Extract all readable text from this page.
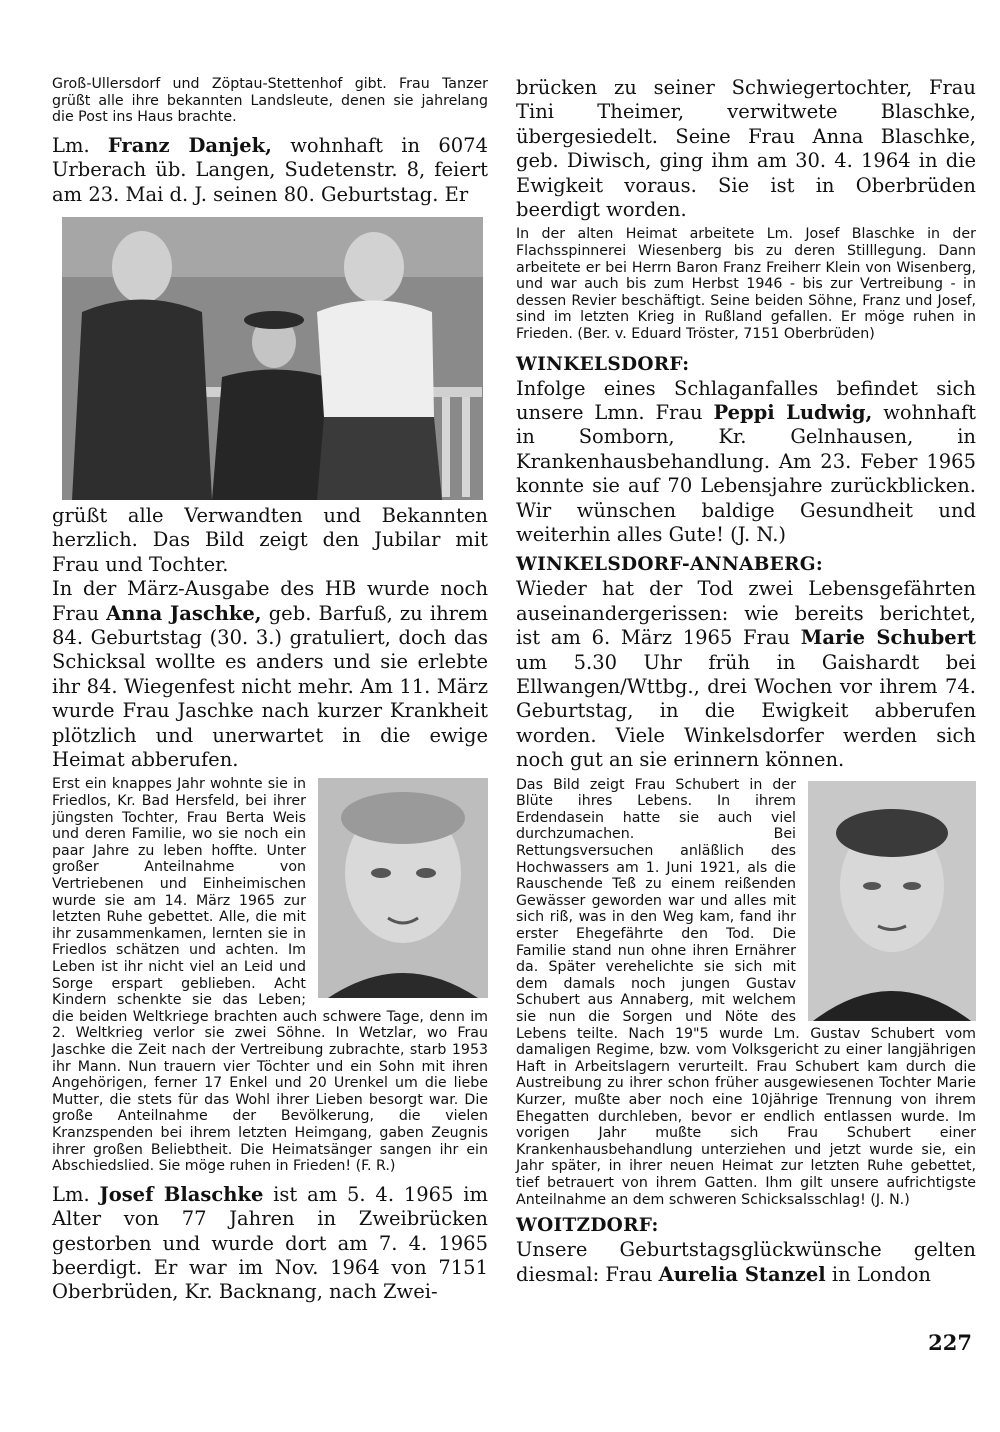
Groß-Ullersdorf und Zöptau-Stettenhof gibt. Frau Tanzer grüßt alle ihre bekannten Landsleute, denen sie jahrelang die Post ins Haus brachte.

Lm. Franz Danjek, wohnhaft in 6074 Urberach üb. Langen, Sudetenstr. 8, feiert am 23. Mai d. J. seinen 80. Geburtstag. Er

grüßt alle Verwandten und Bekannten herzlich. Das Bild zeigt den Jubilar mit Frau und Tochter.

In der März-Ausgabe des HB wurde noch Frau Anna Jaschke, geb. Barfuß, zu ihrem 84. Geburtstag (30. 3.) gratuliert, doch das Schicksal wollte es anders und sie erlebte ihr 84. Wiegenfest nicht mehr. Am 11. März wurde Frau Jaschke nach kurzer Krankheit plötzlich und unerwartet in die ewige Heimat abberufen.

Erst ein knappes Jahr wohnte sie in Friedlos, Kr. Bad Hersfeld, bei ihrer jüngsten Tochter, Frau Berta Weis und deren Familie, wo sie noch ein paar Jahre zu leben hoffte. Unter großer Anteilnahme von Vertriebenen und Einheimischen wurde sie am 14. März 1965 zur letzten Ruhe gebettet. Alle, die mit ihr zusammenkamen, lernten sie in Friedlos schätzen und achten. Im Leben ist ihr nicht viel an Leid und Sorge erspart geblieben. Acht Kindern schenkte sie das Leben; die beiden Weltkriege brachten auch schwere Tage, denn im 2. Weltkrieg verlor sie zwei Söhne. In Wetzlar, wo Frau Jaschke die Zeit nach der Vertreibung zubrachte, starb 1953 ihr Mann. Nun trauern vier Töchter und ein Sohn mit ihren Angehörigen, ferner 17 Enkel und 20 Urenkel um die liebe Mutter, die stets für das Wohl ihrer Lieben besorgt war. Die große Anteilnahme der Bevölkerung, die vielen Kranzspenden bei ihrem letzten Heimgang, gaben Zeugnis ihrer großen Beliebtheit. Die Heimatsänger sangen ihr ein Abschiedslied. Sie möge ruhen in Frieden! (F. R.)

Lm. Josef Blaschke ist am 5. 4. 1965 im Alter von 77 Jahren in Zweibrücken gestorben und wurde dort am 7. 4. 1965 beerdigt. Er war im Nov. 1964 von 7151 Oberbrüden, Kr. Backnang, nach Zwei-

brücken zu seiner Schwiegertochter, Frau Tini Theimer, verwitwete Blaschke, übergesiedelt. Seine Frau Anna Blaschke, geb. Diwisch, ging ihm am 30. 4. 1964 in die Ewigkeit voraus. Sie ist in Oberbrüden beerdigt worden.

In der alten Heimat arbeitete Lm. Josef Blaschke in der Flachsspinnerei Wiesenberg bis zu deren Stilllegung. Dann arbeitete er bei Herrn Baron Franz Freiherr Klein von Wisenberg, und war auch bis zum Herbst 1946 - bis zur Vertreibung - in dessen Revier beschäftigt. Seine beiden Söhne, Franz und Josef, sind im letzten Krieg in Rußland gefallen. Er möge ruhen in Frieden. (Ber. v. Eduard Tröster, 7151 Oberbrüden)

WINKELSDORF:

Infolge eines Schlaganfalles befindet sich unsere Lmn. Frau Peppi Ludwig, wohnhaft in Somborn, Kr. Gelnhausen, in Krankenhausbehandlung. Am 23. Feber 1965 konnte sie auf 70 Lebensjahre zurückblicken. Wir wünschen baldige Gesundheit und weiterhin alles Gute! (J. N.)

WINKELSDORF-ANNABERG:

Wieder hat der Tod zwei Lebensgefährten auseinandergerissen: wie bereits berichtet, ist am 6. März 1965 Frau Marie Schubert um 5.30 Uhr früh in Gaishardt bei Ellwangen/Wttbg., drei Wochen vor ihrem 74. Geburtstag, in die Ewigkeit abberufen worden. Viele Winkelsdorfer werden sich noch gut an sie erinnern können.

Das Bild zeigt Frau Schubert in der Blüte ihres Lebens. In ihrem Erdendasein hatte sie auch viel durchzumachen. Bei Rettungsversuchen anläßlich des Hochwassers am 1. Juni 1921, als die Rauschende Teß zu einem reißenden Gewässer geworden war und alles mit sich riß, was in den Weg kam, fand ihr erster Ehegefährte den Tod. Die Familie stand nun ohne ihren Ernährer da. Später verehelichte sie sich mit dem damals noch jungen Gustav Schubert aus Annaberg, mit welchem sie nun die Sorgen und Nöte des Lebens teilte. Nach 19"5 wurde Lm. Gustav Schubert vom damaligen Regime, bzw. vom Volksgericht zu einer langjährigen Haft in Arbeitslagern verurteilt. Frau Schubert kam durch die Austreibung zu ihrer schon früher ausgewiesenen Tochter Marie Kurzer, mußte aber noch eine 10jährige Trennung von ihrem Ehegatten durchleben, bevor er endlich entlassen wurde. Im vorigen Jahr mußte sich Frau Schubert einer Krankenhausbehandlung unterziehen und jetzt wurde sie, ein Jahr später, in ihrer neuen Heimat zur letzten Ruhe gebettet, tief betrauert von ihrem Gatten. Ihm gilt unsere aufrichtigste Anteilnahme an dem schweren Schicksalsschlag! (J. N.)

WOITZDORF:

Unsere Geburtstagsglückwünsche gelten diesmal: Frau Aurelia Stanzel in London

227
